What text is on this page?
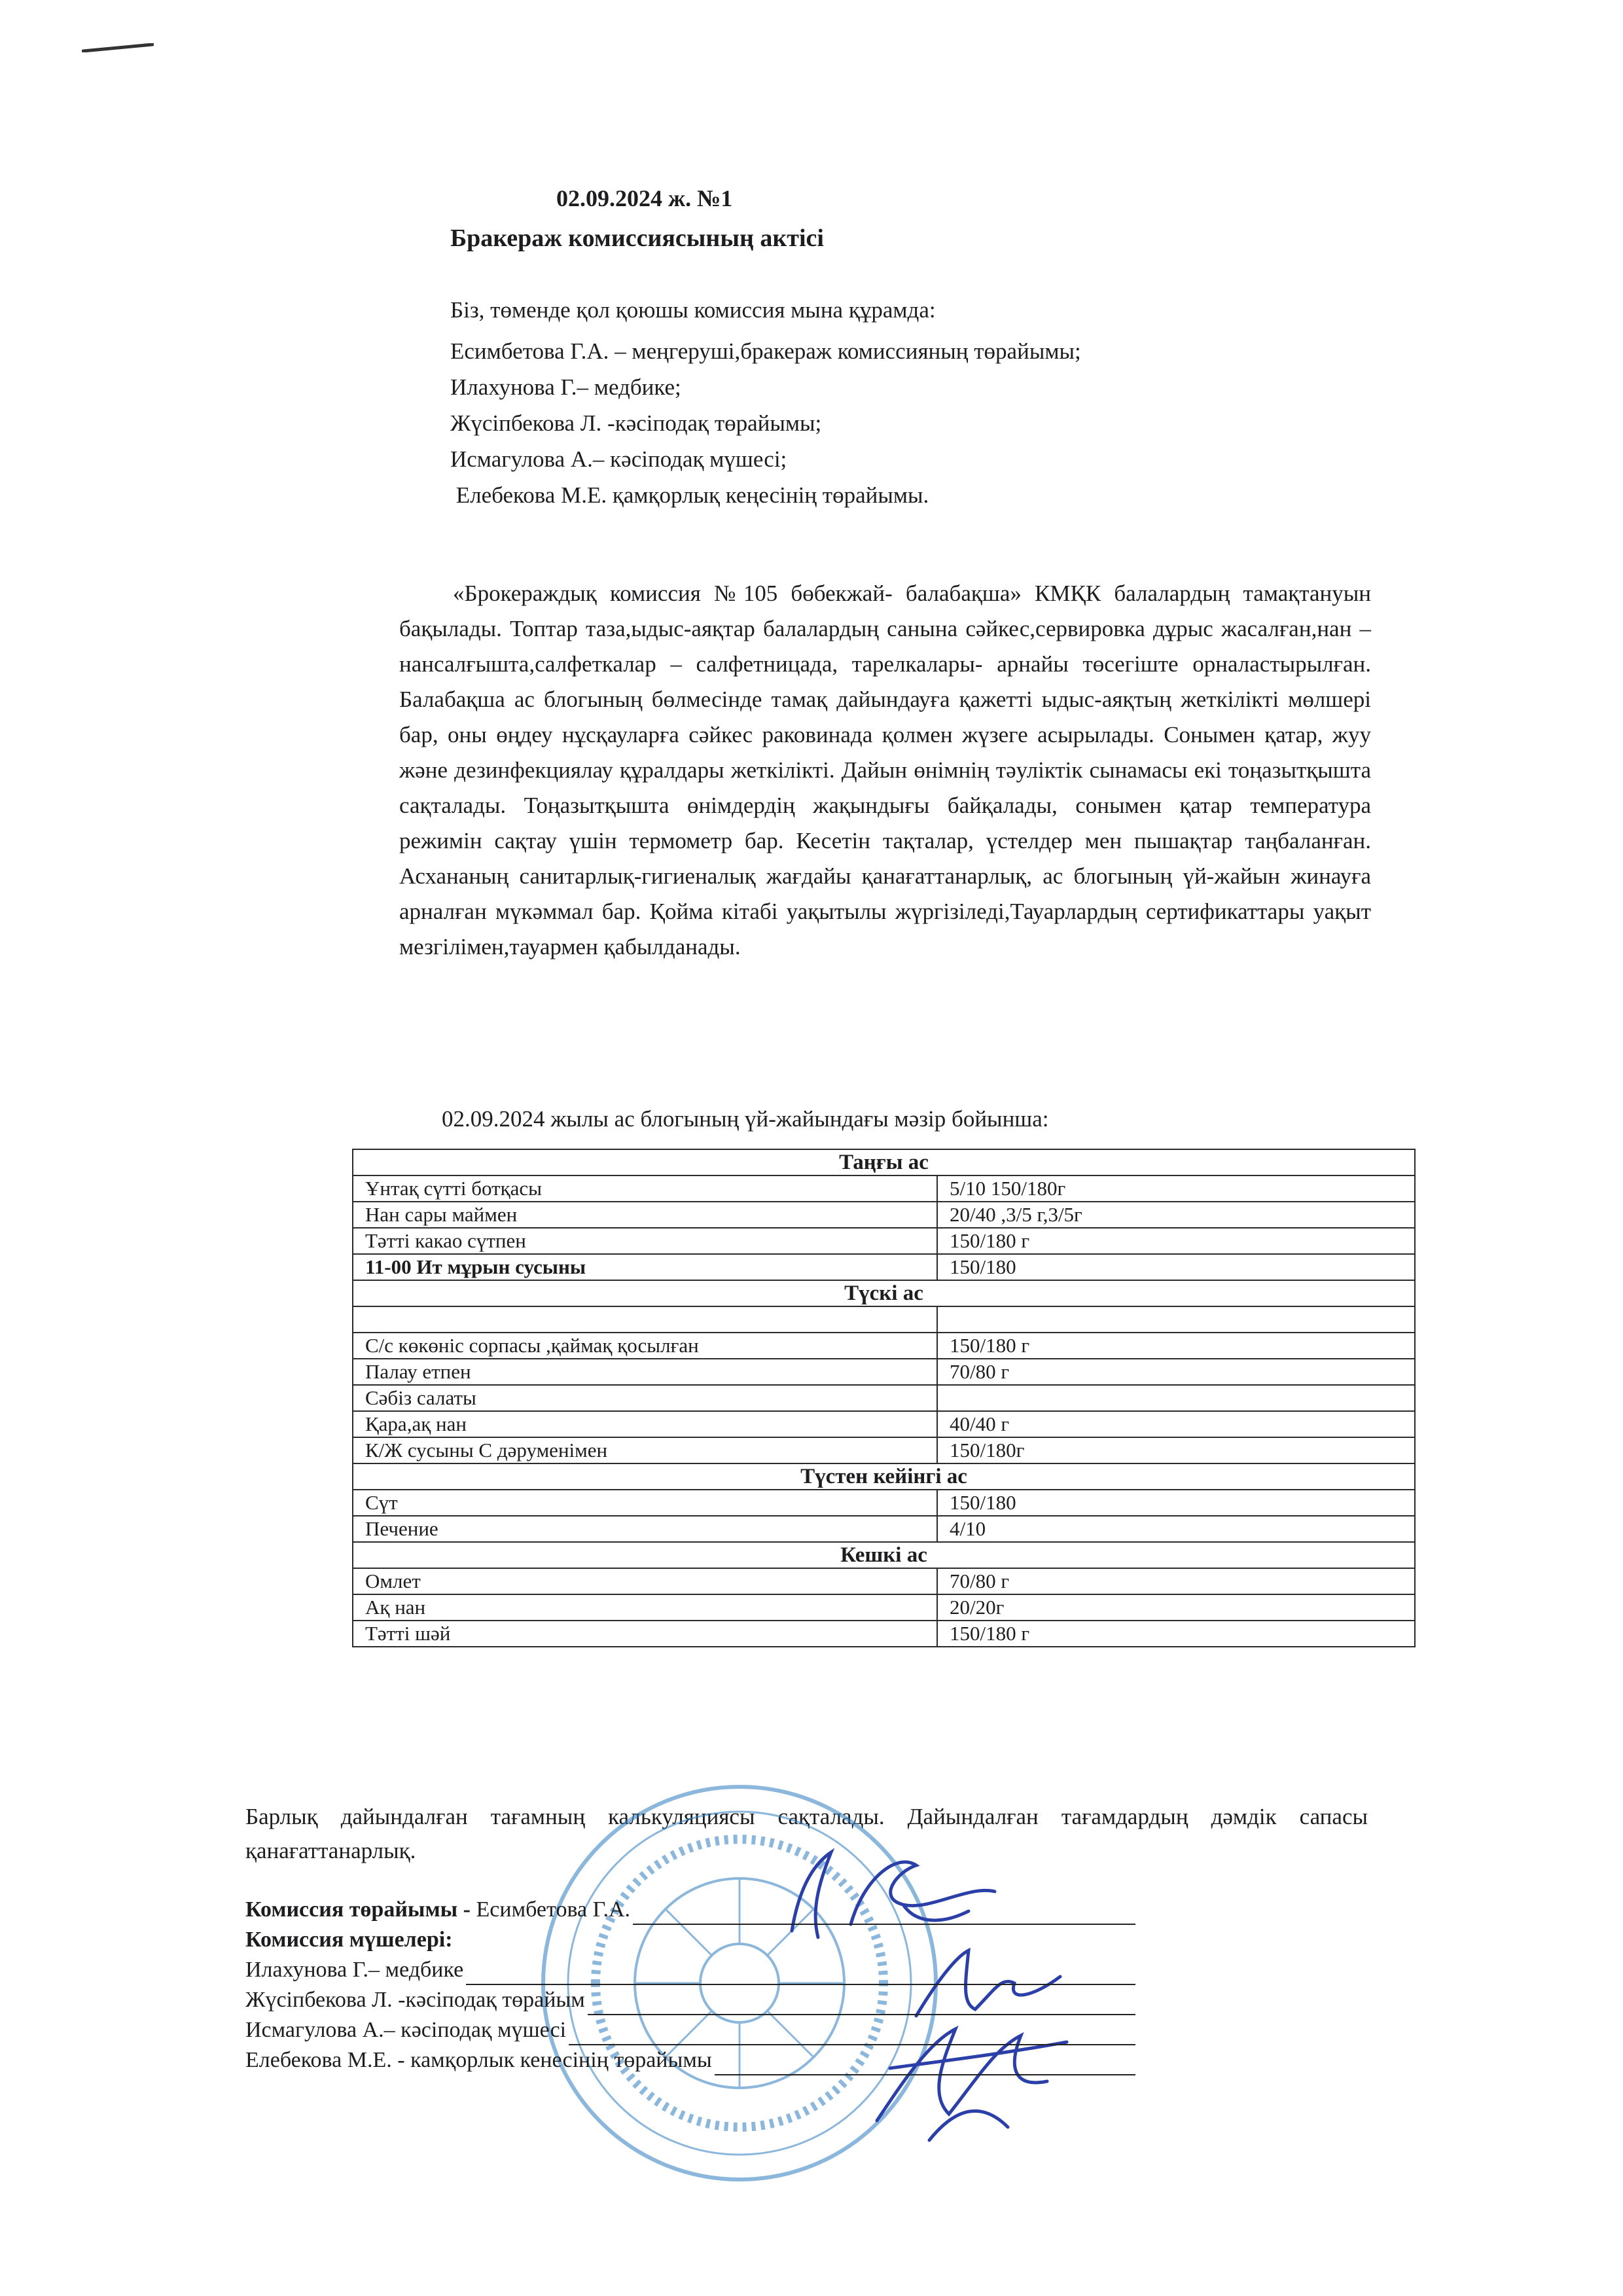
02.09.2024 ж. №1
Бракераж комиссиясының актісі
Біз, төменде қол қоюшы комиссия мына құрамда:
Есимбетова Г.А. – меңгеруші,бракераж комиссияның төрайымы;
Илахунова Г.– медбике;
Жүсіпбекова Л. -кәсіподақ төрайымы;
Исмагулова А.– кәсіподақ мүшесі;
Елебекова М.Е. қамқорлық кеңесінің төрайымы.
«Брокераждық комиссия №105 бөбекжай- балабақша» КМҚК балалардың тамақтануын бақылады. Топтар таза,ыдыс-аяқтар балалардың санына сәйкес,сервировка дұрыс жасалған,нан –нансалғышта,салфеткалар – салфетницада, тарелкалары- арнайы төсегіште орналастырылған. Балабақша ас блогының бөлмесінде тамақ дайындауға қажетті ыдыс-аяқтың жеткілікті мөлшері бар, оны өңдеу нұсқауларға сәйкес раковинада қолмен жүзеге асырылады. Сонымен қатар, жуу және дезинфекциялау құралдары жеткілікті. Дайын өнімнің тәуліктік сынамасы екі тоңазытқышта сақталады. Тоңазытқышта өнімдердің жақындығы байқалады, сонымен қатар температура режимін сақтау үшін термометр бар. Кесетін тақталар, үстелдер мен пышақтар таңбаланған. Асхананың санитарлық-гигиеналық жағдайы қанағаттанарлық, ас блогының үй-жайын жинауға арналған мүкәммал бар. Қойма кітабі уақытылы жүргізіледі,Тауарлардың сертификаттары уақыт мезгілімен,тауармен қабылданады.
02.09.2024 жылы ас блогының үй-жайындағы мәзір бойынша:
Таңғы ас	
Ұнтақ сүтті ботқасы	5/10 150/180г
Нан сары маймен	20/40 ,3/5 г,3/5г
Тәтті какао сүтпен	150/180 г
11-00 Ит мұрын сусыны	150/180
Түскі ас	

С/с көкөніс сорпасы ,қаймақ қосылған	150/180 г
Палау етпен	70/80 г
Сәбіз салаты	
Қара,ақ нан	40/40 г
К/Ж сусыны С дәруменімен	150/180г
Түстен кейінгі ас	
Сүт	150/180
Печение	4/10
Кешкі ас	
Омлет	70/80 г
Ақ нан	20/20г
Тәтті шәй	150/180 г
Барлық дайындалған тағамның калькуляциясы сақталады. Дайындалған тағамдардың дәмдік сапасы қанағаттанарлық.
Комиссия төрайымы - Есимбетова Г.А.
Комиссия мүшелері:
Илахунова Г.– медбике
Жүсіпбекова Л. -кәсіподақ төрайым
Исмагулова А.– кәсіподақ мүшесі
Елебекова М.Е. - камқорлык кенесінің төрайымы
